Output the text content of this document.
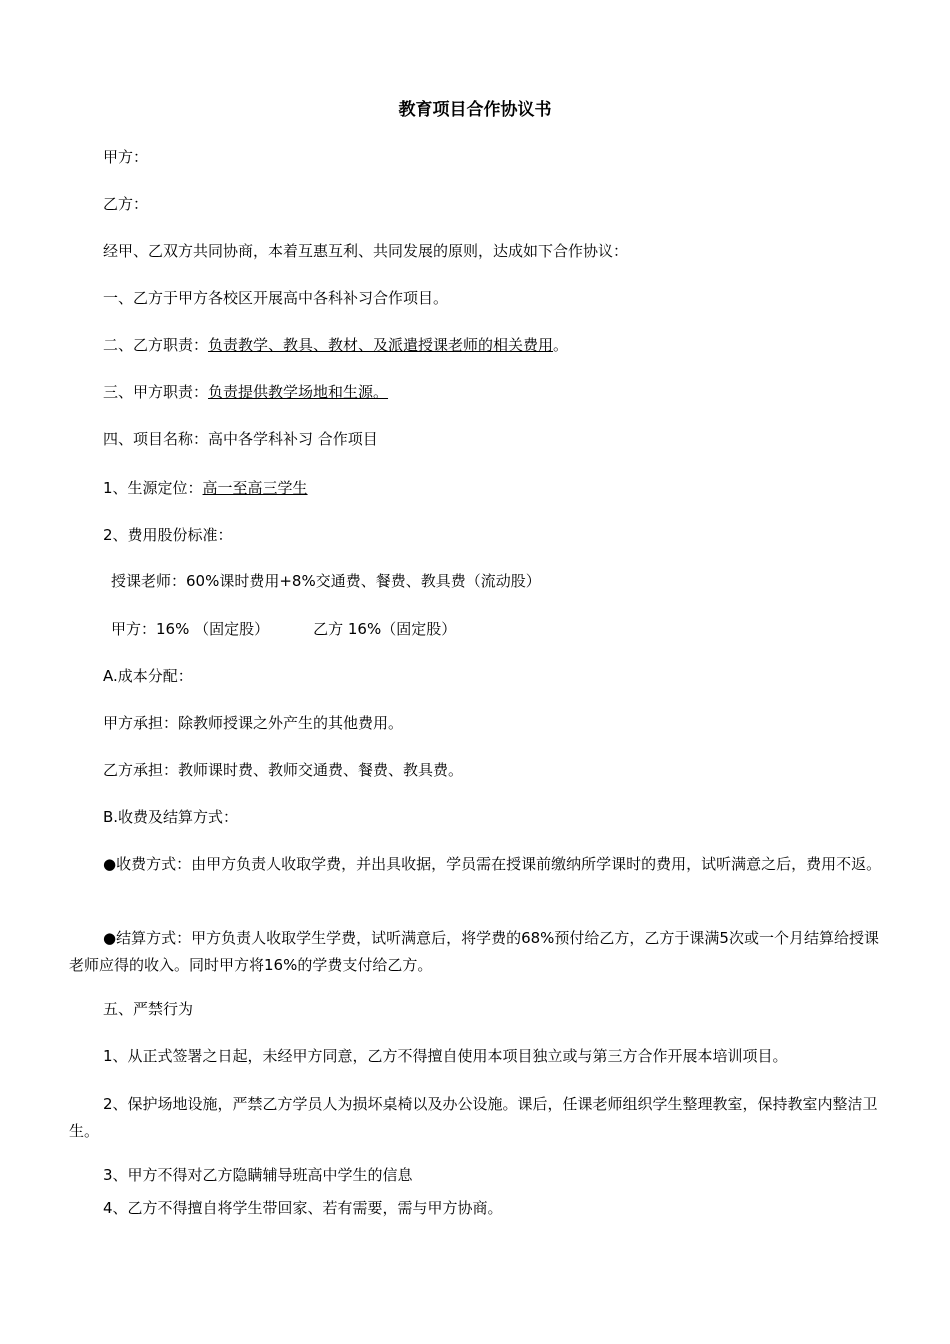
教育项目合作协议书
甲方：
乙方：
经甲、乙双方共同协商，本着互惠互利、共同发展的原则，达成如下合作协议：
一、乙方于甲方各校区开展高中各科补习合作项目。
二、乙方职责：负责教学、教具、教材、及派遣授课老师的相关费用。
三、甲方职责：负责提供教学场地和生源。
四、项目名称：高中各学科补习 合作项目
1、生源定位：高一至高三学生
2、费用股份标准：
授课老师：60%课时费用+8%交通费、餐费、教具费（流动股）
甲方：16% （固定股）	乙方 16%（固定股）
A.成本分配：
甲方承担：除教师授课之外产生的其他费用。
乙方承担：教师课时费、教师交通费、餐费、教具费。
B.收费及结算方式：
●收费方式：由甲方负责人收取学费，并出具收据，学员需在授课前缴纳所学课时的费用，试听满意之后，费用不返。
●结算方式：甲方负责人收取学生学费，试听满意后，将学费的68%预付给乙方，乙方于课满5次或一个月结算给授课老师应得的收入。同时甲方将16%的学费支付给乙方。
五、严禁行为
1、从正式签署之日起，未经甲方同意，乙方不得擅自使用本项目独立或与第三方合作开展本培训项目。
2、保护场地设施，严禁乙方学员人为损坏桌椅以及办公设施。课后，任课老师组织学生整理教室，保持教室内整洁卫生。
3、甲方不得对乙方隐瞒辅导班高中学生的信息
4、乙方不得擅自将学生带回家、若有需要，需与甲方协商。
